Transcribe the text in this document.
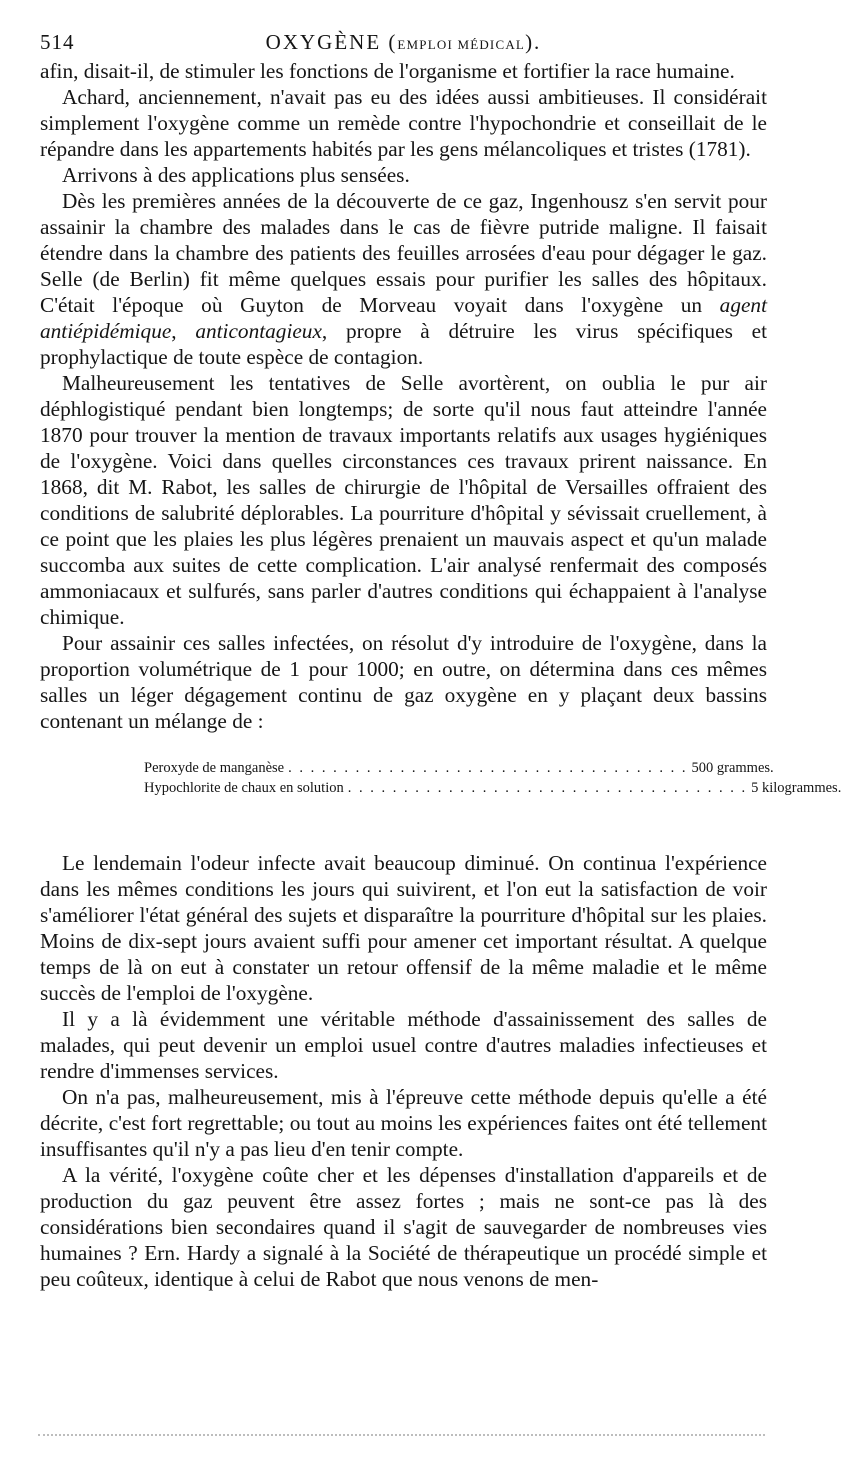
514	OXYGÈNE (EMPLOI MÉDICAL).

afin, disait-il, de stimuler les fonctions de l'organisme et fortifier la race humaine.

Achard, anciennement, n'avait pas eu des idées aussi ambitieuses. Il considérait simplement l'oxygène comme un remède contre l'hypochondrie et conseillait de le répandre dans les appartements habités par les gens mélancoliques et tristes (1781).

Arrivons à des applications plus sensées.

Dès les premières années de la découverte de ce gaz, Ingenhousz s'en servit pour assainir la chambre des malades dans le cas de fièvre putride maligne. Il faisait étendre dans la chambre des patients des feuilles arrosées d'eau pour dégager le gaz. Selle (de Berlin) fit même quelques essais pour purifier les salles des hôpitaux. C'était l'époque où Guyton de Morveau voyait dans l'oxygène un agent antiépidémique, anticontagieux, propre à détruire les virus spécifiques et prophylactique de toute espèce de contagion.

Malheureusement les tentatives de Selle avortèrent, on oublia le pur air déphlogistiqué pendant bien longtemps; de sorte qu'il nous faut atteindre l'année 1870 pour trouver la mention de travaux importants relatifs aux usages hygiéniques de l'oxygène. Voici dans quelles circonstances ces travaux prirent naissance. En 1868, dit M. Rabot, les salles de chirurgie de l'hôpital de Versailles offraient des conditions de salubrité déplorables. La pourriture d'hôpital y sévissait cruellement, à ce point que les plaies les plus légères prenaient un mauvais aspect et qu'un malade succomba aux suites de cette complication. L'air analysé renfermait des composés ammoniacaux et sulfurés, sans parler d'autres conditions qui échappaient à l'analyse chimique.

Pour assainir ces salles infectées, on résolut d'y introduire de l'oxygène, dans la proportion volumétrique de 1 pour 1000; en outre, on détermina dans ces mêmes salles un léger dégagement continu de gaz oxygène en y plaçant deux bassins contenant un mélange de :

Peroxyde de manganèse . . . . . . . . . . . . . . . . . . . . . . . . . . . . . . . . . . . . 500 grammes.
Hypochlorite de chaux en solution . . . . . . . . . . . . . . . . . . . . . . . . . . . . . . . . . . . . 5 kilogrammes.

Le lendemain l'odeur infecte avait beaucoup diminué. On continua l'expérience dans les mêmes conditions les jours qui suivirent, et l'on eut la satisfaction de voir s'améliorer l'état général des sujets et disparaître la pourriture d'hôpital sur les plaies. Moins de dix-sept jours avaient suffi pour amener cet important résultat. A quelque temps de là on eut à constater un retour offensif de la même maladie et le même succès de l'emploi de l'oxygène.

Il y a là évidemment une véritable méthode d'assainissement des salles de malades, qui peut devenir un emploi usuel contre d'autres maladies infectieuses et rendre d'immenses services.

On n'a pas, malheureusement, mis à l'épreuve cette méthode depuis qu'elle a été décrite, c'est fort regrettable; ou tout au moins les expériences faites ont été tellement insuffisantes qu'il n'y a pas lieu d'en tenir compte.

A la vérité, l'oxygène coûte cher et les dépenses d'installation d'appareils et de production du gaz peuvent être assez fortes ; mais ne sont-ce pas là des considérations bien secondaires quand il s'agit de sauvegarder de nombreuses vies humaines ? Ern. Hardy a signalé à la Société de thérapeutique un procédé simple et peu coûteux, identique à celui de Rabot que nous venons de men-
